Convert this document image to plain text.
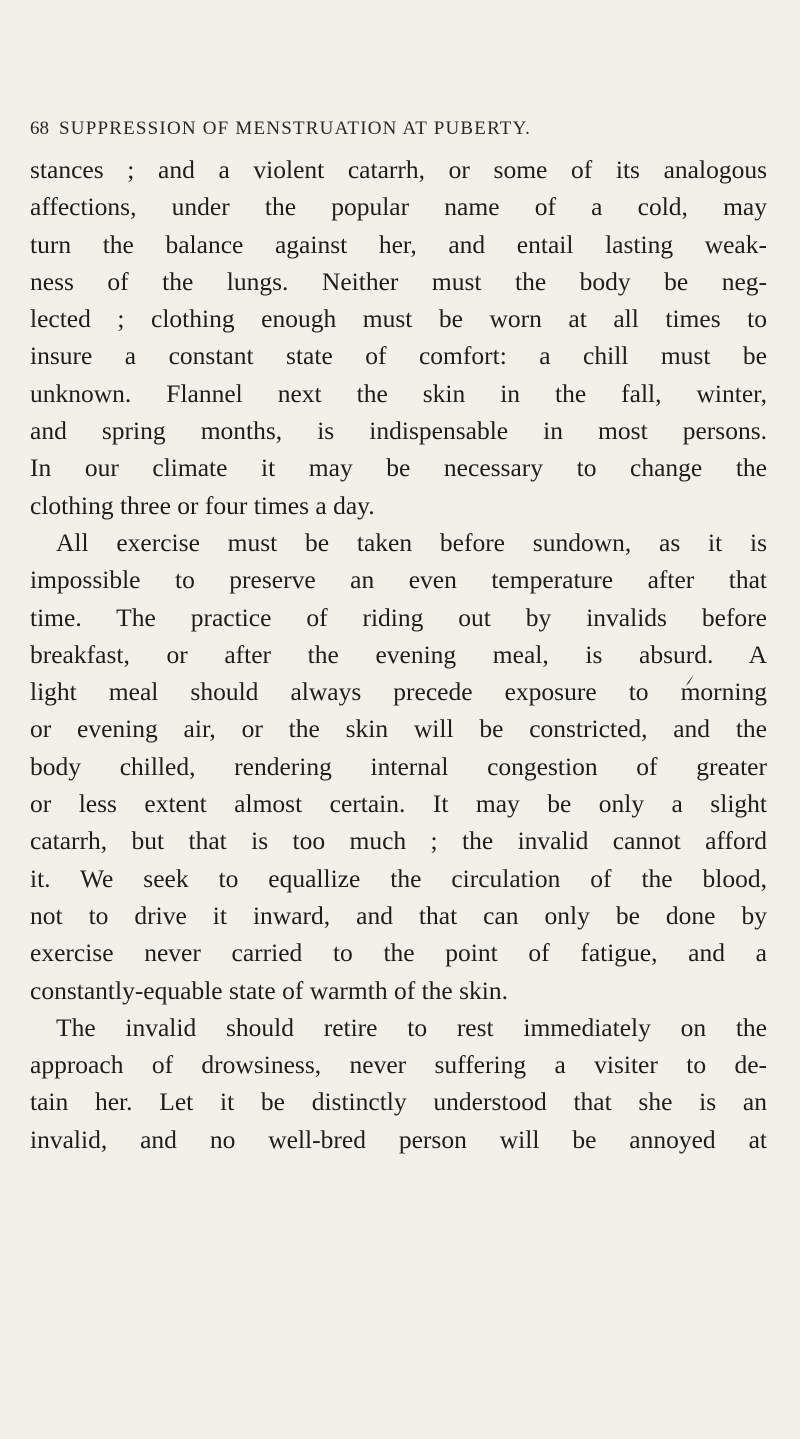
68 SUPPRESSION OF MENSTRUATION AT PUBERTY.
stances ; and a violent catarrh, or some of its analogous
affections, under the popular name of a cold, may
turn the balance against her, and entail lasting weak-
ness of the lungs. Neither must the body be neg-
lected ; clothing enough must be worn at all times to
insure a constant state of comfort: a chill must be
unknown. Flannel next the skin in the fall, winter,
and spring months, is indispensable in most persons.
In our climate it may be necessary to change the
clothing three or four times a day.
All exercise must be taken before sundown, as it is
impossible to preserve an even temperature after that
time. The practice of riding out by invalids before
breakfast, or after the evening meal, is absurd. A
light meal should always precede exposure to morning
or evening air, or the skin will be constricted, and the
body chilled, rendering internal congestion of greater
or less extent almost certain. It may be only a slight
catarrh, but that is too much ; the invalid cannot afford
it. We seek to equallize the circulation of the blood,
not to drive it inward, and that can only be done by
exercise never carried to the point of fatigue, and a
constantly-equable state of warmth of the skin.
The invalid should retire to rest immediately on the
approach of drowsiness, never suffering a visiter to de-
tain her. Let it be distinctly understood that she is an
invalid, and no well-bred person will be annoyed at
